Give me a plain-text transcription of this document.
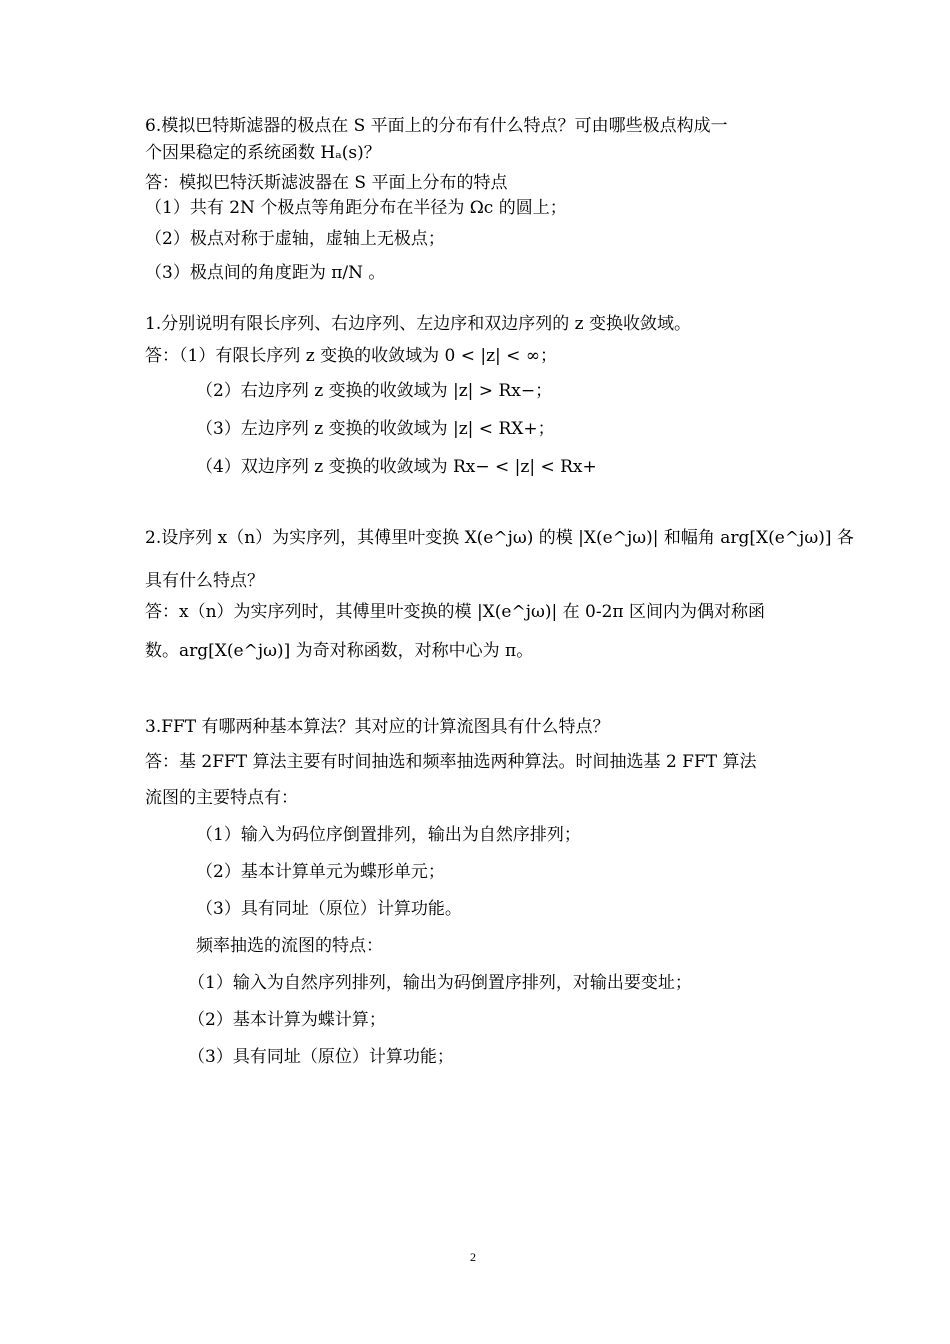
6.模拟巴特斯滤器的极点在 S 平面上的分布有什么特点？可由哪些极点构成一
个因果稳定的系统函数 Hₐ(s)？
答：模拟巴特沃斯滤波器在 S 平面上分布的特点
（1）共有 2N 个极点等角距分布在半径为 Ωc 的圆上；
（2）极点对称于虚轴，虚轴上无极点；
（3）极点间的角度距为 π/N 。
1.分别说明有限长序列、右边序列、左边序和双边序列的 z 变换收敛域。
答：（1）有限长序列 z 变换的收敛域为 0 < |z| < ∞；
（2）右边序列 z 变换的收敛域为 |z| > Rx−；
（3）左边序列 z 变换的收敛域为 |z| < RX+；
（4）双边序列 z 变换的收敛域为 Rx− < |z| < Rx+
2.设序列 x（n）为实序列，其傅里叶变换 X(e^jω) 的模 |X(e^jω)| 和幅角 arg[X(e^jω)] 各
具有什么特点？
答：x（n）为实序列时，其傅里叶变换的模 |X(e^jω)| 在 0-2π 区间内为偶对称函
数。arg[X(e^jω)] 为奇对称函数，对称中心为 π。
3.FFT 有哪两种基本算法？其对应的计算流图具有什么特点？
答：基 2FFT 算法主要有时间抽选和频率抽选两种算法。时间抽选基 2 FFT 算法
流图的主要特点有：
（1）输入为码位序倒置排列，输出为自然序排列；
（2）基本计算单元为蝶形单元；
（3）具有同址（原位）计算功能。
频率抽选的流图的特点：
（1）输入为自然序列排列，输出为码倒置序排列，对输出要变址；
（2）基本计算为蝶计算；
（3）具有同址（原位）计算功能；
2
